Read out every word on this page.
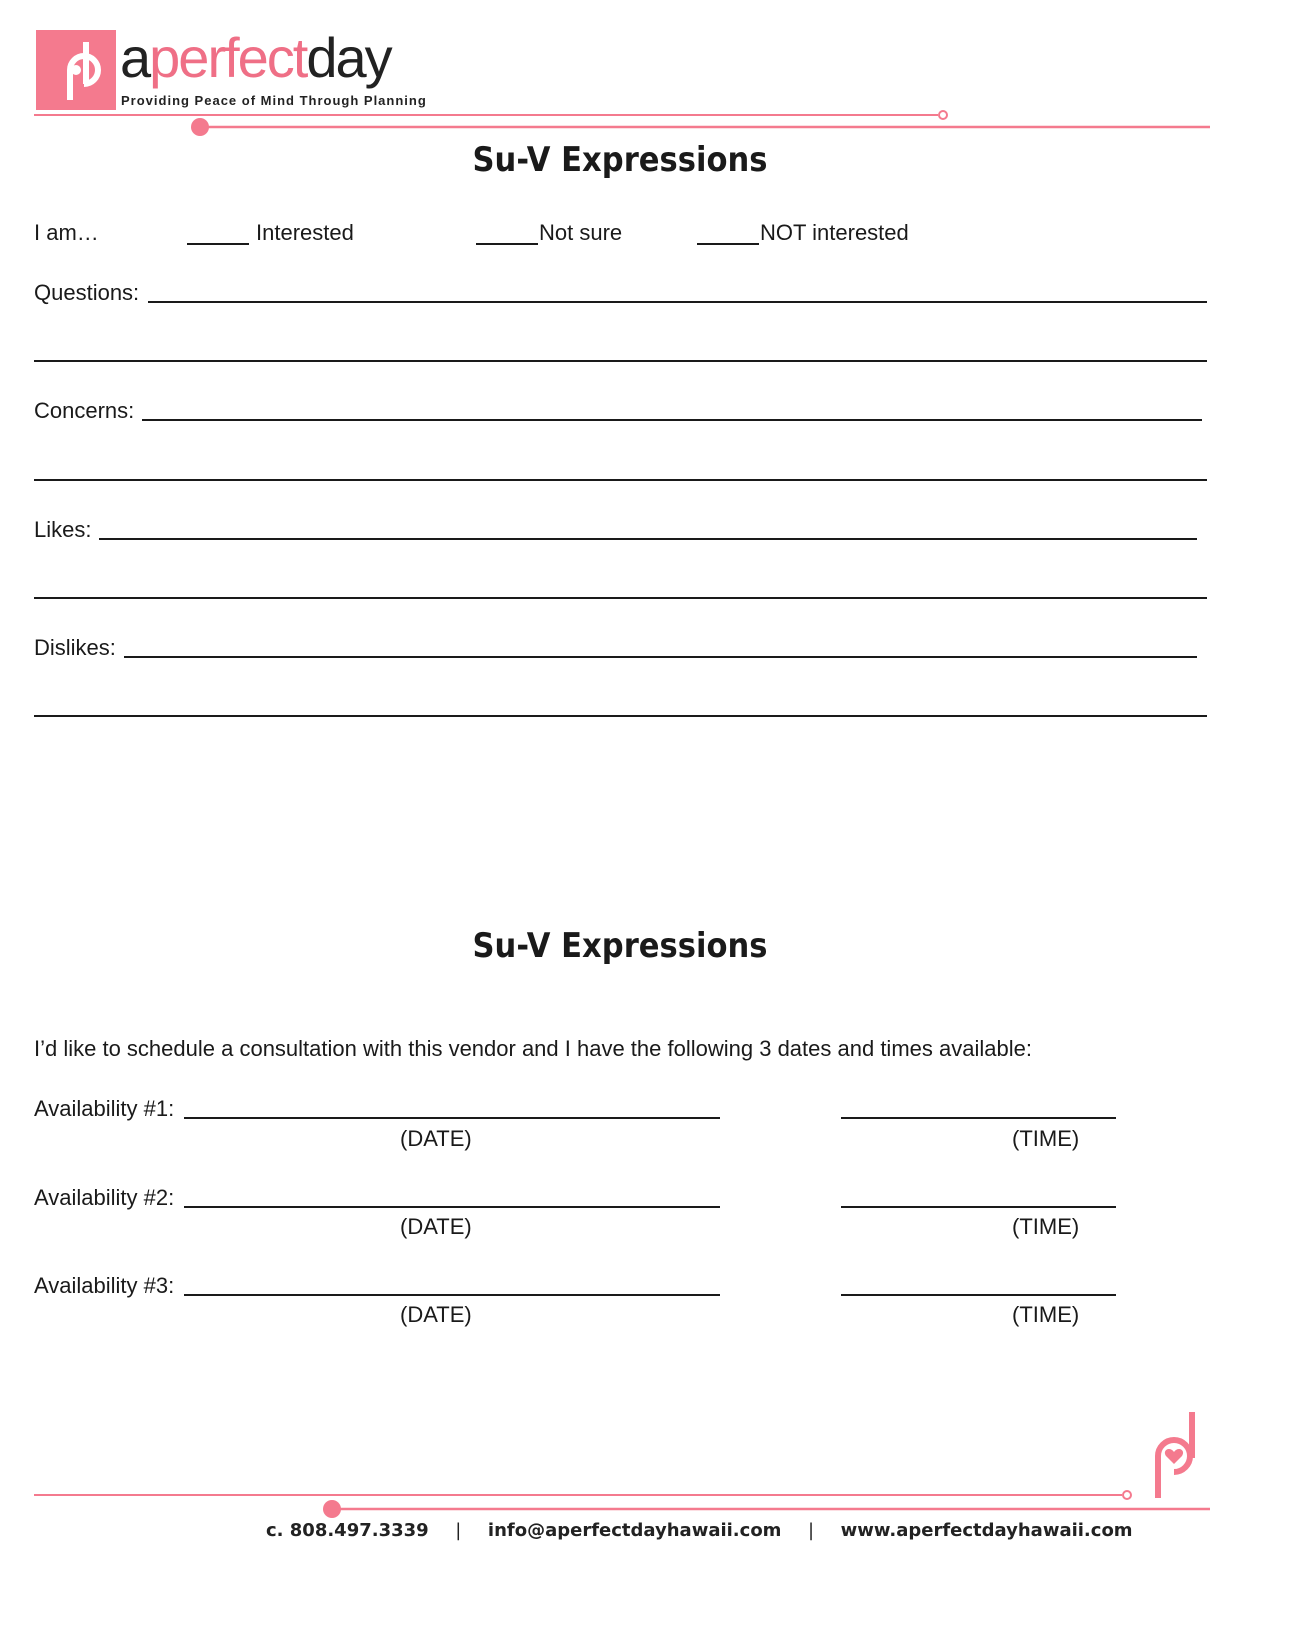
aperfectday
Providing Peace of Mind Through Planning
Su-V Expressions
I am…	Interested	Not sure	NOT interested
Questions:
Concerns:
Likes:
Dislikes:
Su-V Expressions
I’d like to schedule a consultation with this vendor and I have the following 3 dates and times available:
Availability #1:
(DATE)	(TIME)
Availability #2:
(DATE)	(TIME)
Availability #3:
(DATE)	(TIME)
c. 808.497.3339 | info@aperfectdayhawaii.com | www.aperfectdayhawaii.com
